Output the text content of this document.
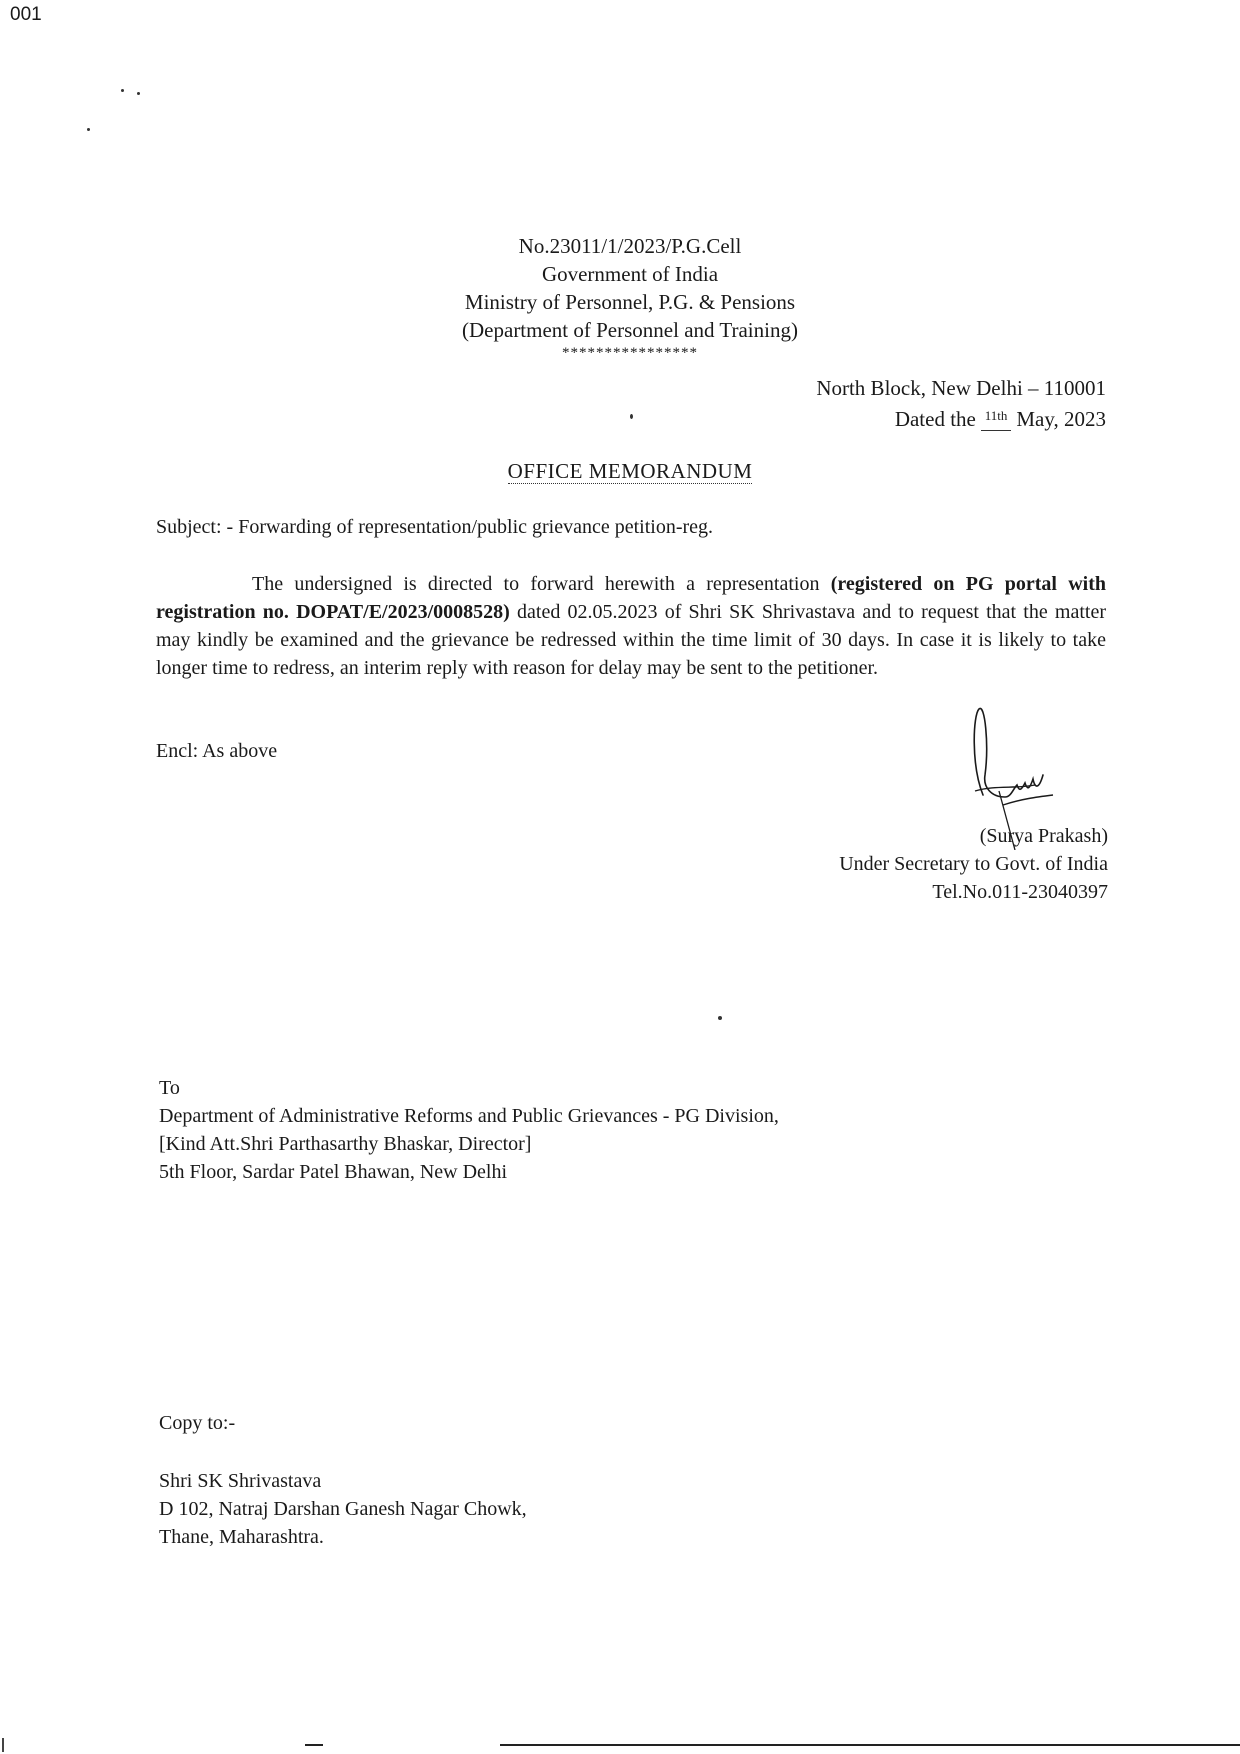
001
No.23011/1/2023/P.G.Cell
Government of India
Ministry of Personnel, P.G. & Pensions
(Department of Personnel and Training)
****************
North Block, New Delhi – 110001
Dated the 11th May, 2023
OFFICE MEMORANDUM
Subject: - Forwarding of representation/public grievance petition-reg.
The undersigned is directed to forward herewith a representation (registered on PG portal with registration no. DOPAT/E/2023/0008528) dated 02.05.2023 of Shri SK Shrivastava and to request that the matter may kindly be examined and the grievance be redressed within the time limit of 30 days. In case it is likely to take longer time to redress, an interim reply with reason for delay may be sent to the petitioner.
Encl: As above
(Surya Prakash)
Under Secretary to Govt. of India
Tel.No.011-23040397
To
Department of Administrative Reforms and Public Grievances - PG Division,
[Kind Att.Shri Parthasarthy Bhaskar, Director]
5th Floor, Sardar Patel Bhawan, New Delhi
Copy to:-
Shri SK Shrivastava
D 102, Natraj Darshan Ganesh Nagar Chowk,
Thane, Maharashtra.
